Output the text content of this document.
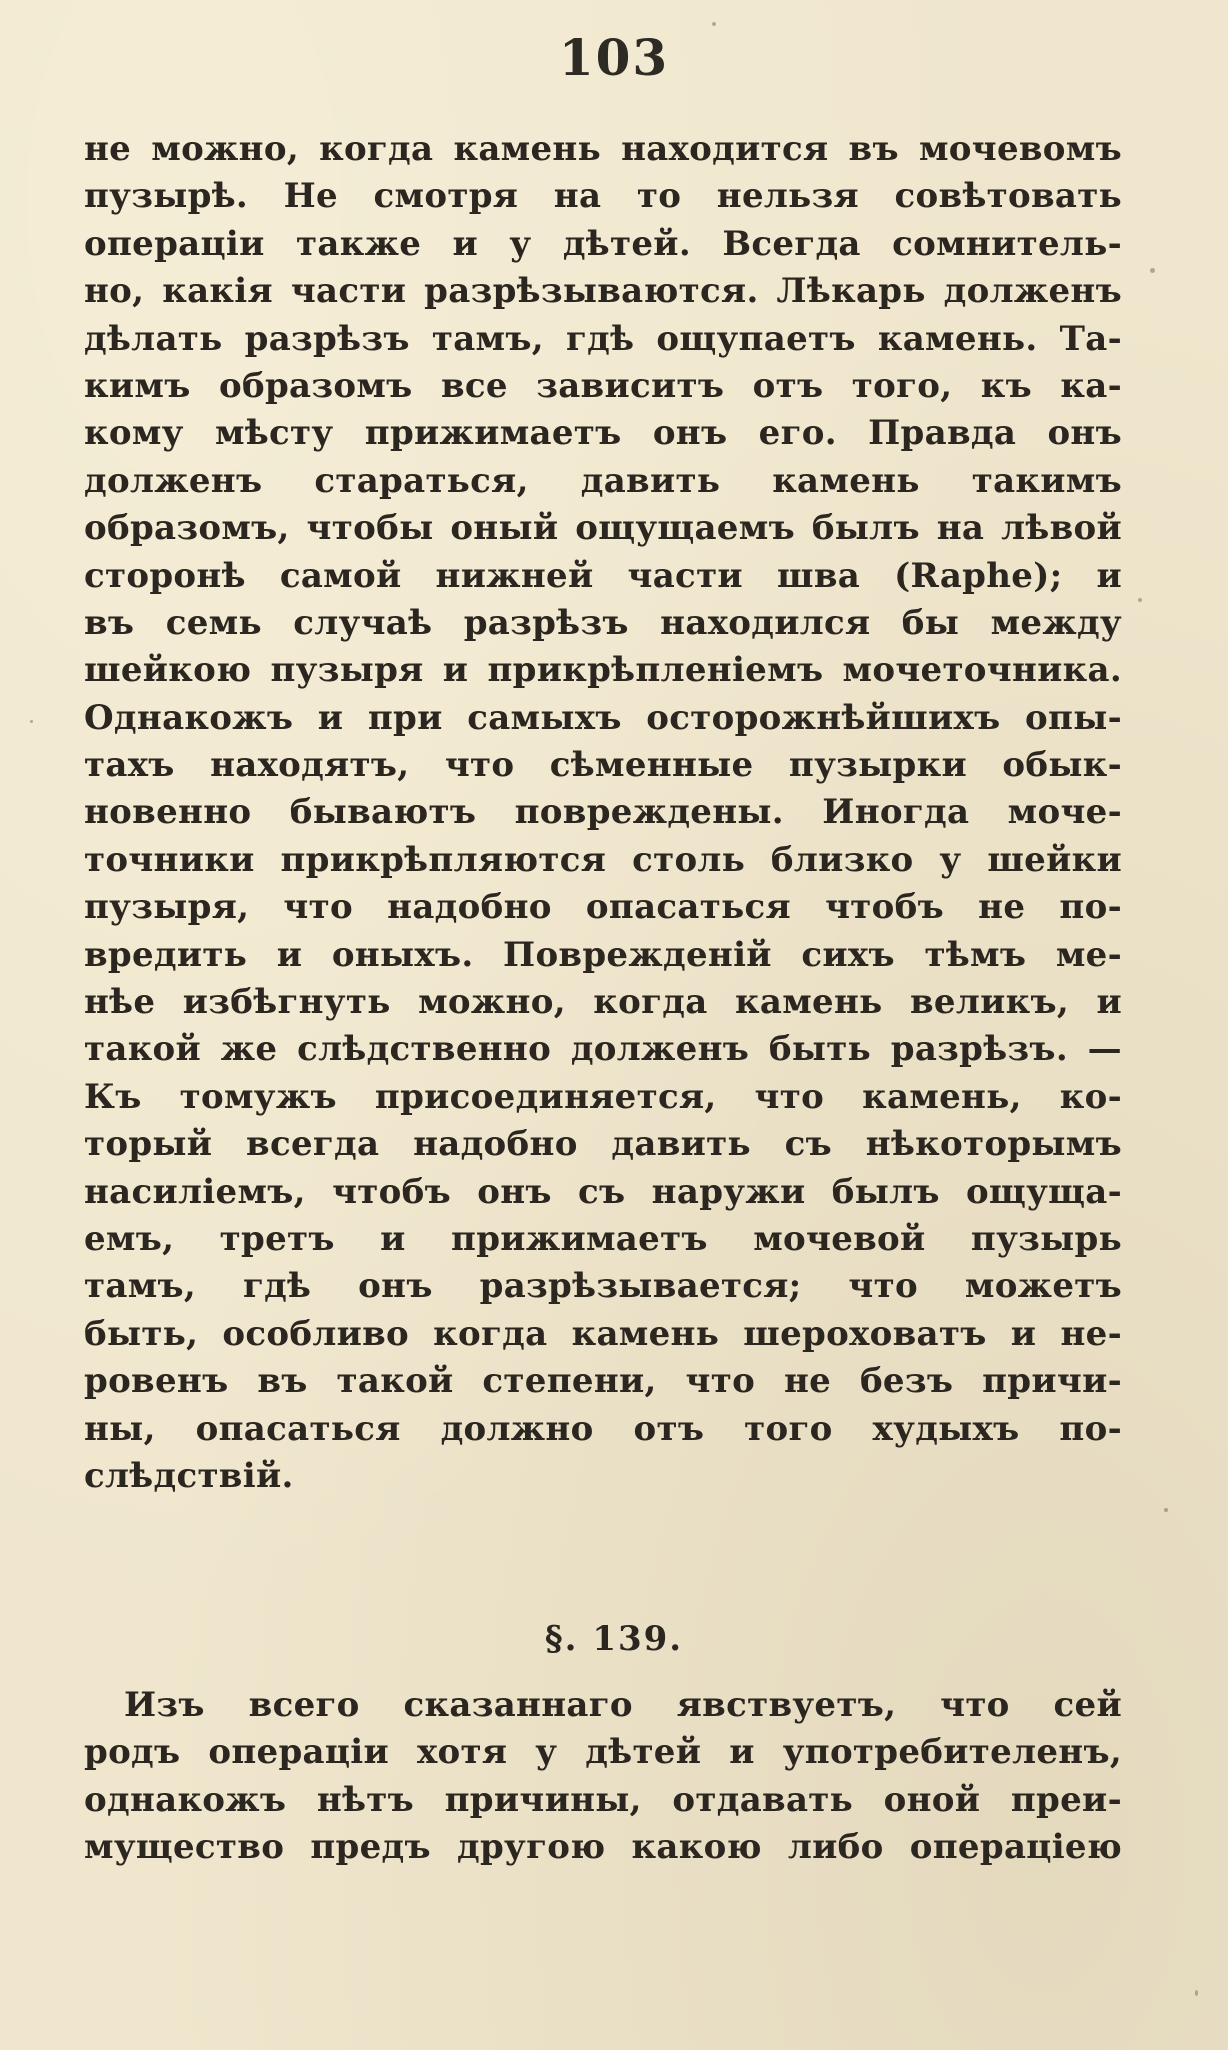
103
не можно, когда камень находится въ мочевомъ
пузырѣ. Не смотря на то нельзя совѣтовать
операціи также и у дѣтей. Всегда сомнитель-
но, какія части разрѣзываются. Лѣкарь долженъ
дѣлать разрѣзъ тамъ, гдѣ ощупаетъ камень. Та-
кимъ образомъ все зависитъ отъ того, къ ка-
кому мѣсту прижимаетъ онъ его. Правда онъ
долженъ стараться, давить камень такимъ
образомъ, чтобы оный ощущаемъ былъ на лѣвой
сторонѣ самой нижней части шва (Raphe); и
въ семь случаѣ разрѣзъ находился бы между
шейкою пузыря и прикрѣпленіемъ мочеточника.
Однакожъ и при самыхъ осторожнѣйшихъ опы-
тахъ находятъ, что сѣменные пузырки обык-
новенно бываютъ повреждены. Иногда моче-
точники прикрѣпляются столь близко у шейки
пузыря, что надобно опасаться чтобъ не по-
вредить и оныхъ. Поврежденій сихъ тѣмъ ме-
нѣе избѣгнуть можно, когда камень великъ, и
такой же слѣдственно долженъ быть разрѣзъ. —
Къ томужъ присоединяется, что камень, ко-
торый всегда надобно давить съ нѣкоторымъ
насиліемъ, чтобъ онъ съ наружи былъ ощуща-
емъ, третъ и прижимаетъ мочевой пузырь
тамъ, гдѣ онъ разрѣзывается; что можетъ
быть, особливо когда камень шероховатъ и не-
ровенъ въ такой степени, что не безъ причи-
ны, опасаться должно отъ того худыхъ по-
слѣдствій.
§. 139.
Изъ всего сказаннаго явствуетъ, что сей
родъ операціи хотя у дѣтей и употребителенъ,
однакожъ нѣтъ причины, отдавать оной преи-
мущество предъ другою какою либо операціею
